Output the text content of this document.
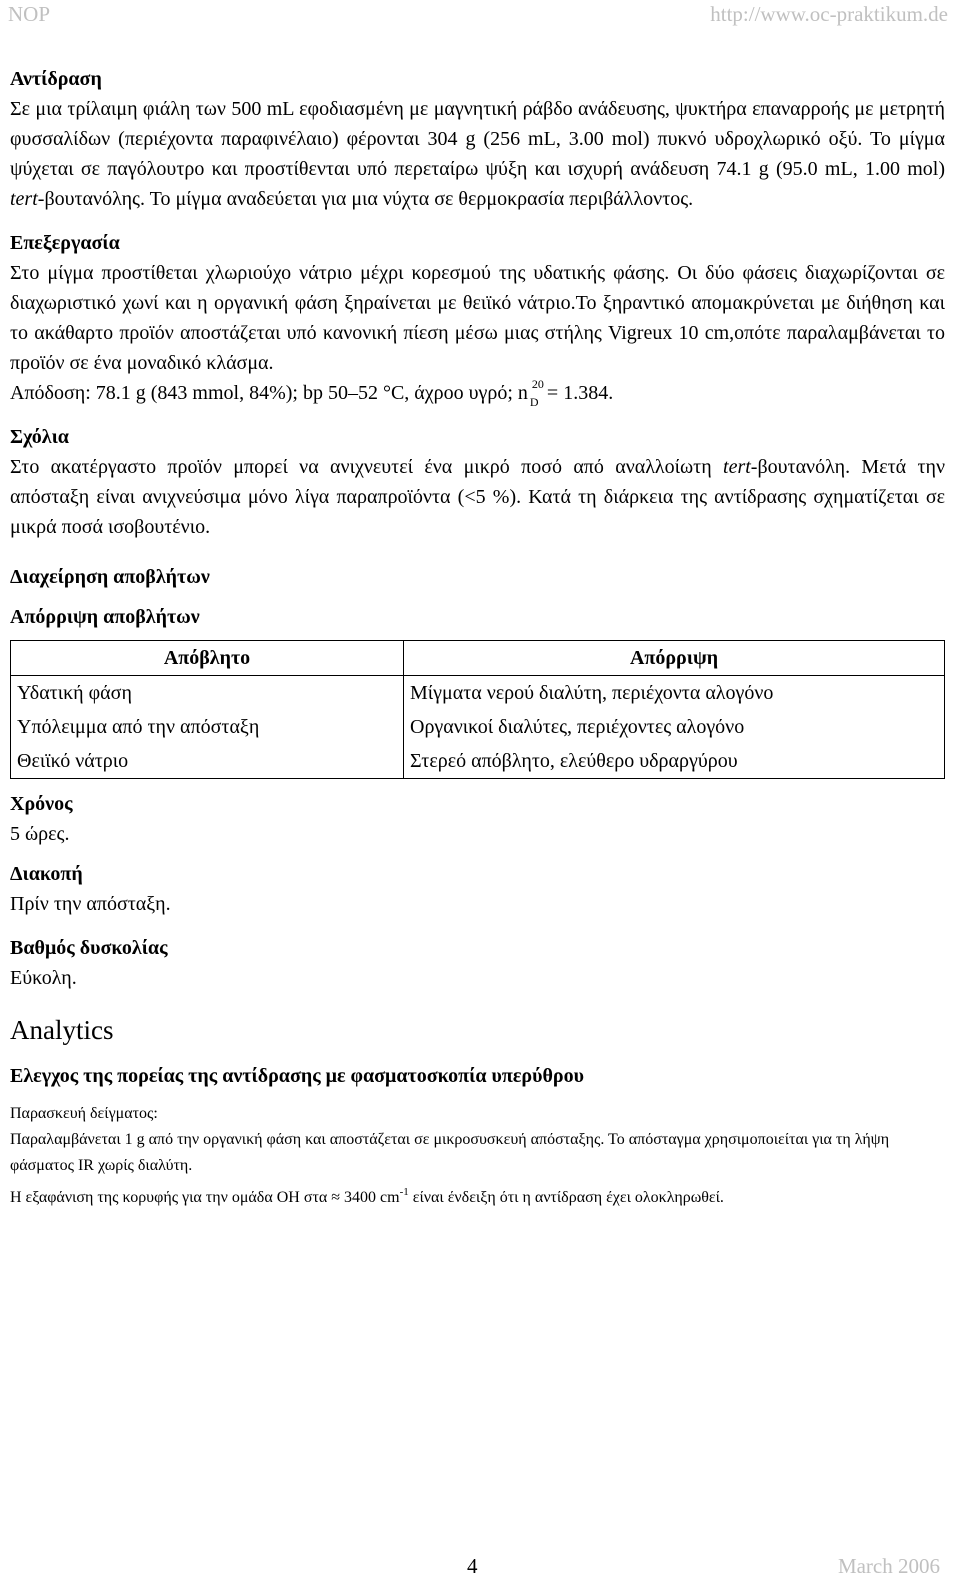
NOP	http://www.oc-praktikum.de

Αντίδραση

Σε μια τρίλαιμη φιάλη των 500 mL εφοδιασμένη με μαγνητική ράβδο ανάδευσης, ψυκτήρα επαναρροής με μετρητή φυσσαλίδων (περιέχοντα παραφινέλαιο) φέρονται 304 g (256 mL, 3.00 mol) πυκνό υδροχλωρικό οξύ. Το μίγμα ψύχεται σε παγόλουτρο και προστίθενται υπό περεταίρω ψύξη και ισχυρή ανάδευση 74.1 g (95.0 mL, 1.00 mol) tert-βουτανόλης. Το μίγμα αναδεύεται για μια νύχτα σε θερμοκρασία περιβάλλοντος.

Επεξεργασία

Στο μίγμα προστίθεται χλωριούχο νάτριο μέχρι κορεσμού της υδατικής φάσης. Οι δύο φάσεις διαχωρίζονται σε διαχωριστικό χωνί και η οργανική φάση ξηραίνεται με θειϊκό νάτριο.Το ξηραντικό απομακρύνεται με διήθηση και το ακάθαρτο προϊόν αποστάζεται υπό κανονική πίεση μέσω μιας στήλης Vigreux 10 cm,οπότε παραλαμβάνεται το προϊόν σε ένα μοναδικό κλάσμα.

Απόδοση: 78.1 g (843 mmol, 84%); bp 50–52 °C, άχροο υγρό; n 20
D = 1.384.

Σχόλια

Στο ακατέργαστο προϊόν μπορεί να ανιχνευτεί ένα μικρό ποσό από αναλλοίωτη tert-βουτανόλη. Μετά την απόσταξη είναι ανιχνεύσιμα μόνο λίγα παραπροϊόντα (<5 %). Κατά τη διάρκεια της αντίδρασης σχηματίζεται σε μικρά ποσά ισοβουτένιο.

Διαχείρηση αποβλήτων

Απόρριψη αποβλήτων

Απόβλητο	Απόρριψη
Υδατική φάση	Μίγματα νερού διαλύτη, περιέχοντα αλογόνο
Υπόλειμμα από την απόσταξη	Οργανικοί διαλύτες, περιέχοντες αλογόνο
Θειϊκό νάτριο	Στερεό απόβλητο, ελεύθερο υδραργύρου

Χρόνος

5 ώρες.

Διακοπή

Πρίν την απόσταξη.

Βαθμός δυσκολίας

Εύκολη.

Analytics

Ελεγχος της πορείας της αντίδρασης με φασματοσκοπία υπερύθρου

Παρασκευή δείγματος:

Παραλαμβάνεται 1 g από την οργανική φάση και αποστάζεται σε μικροσυσκευή απόσταξης. Το απόσταγμα χρησιμοποιείται για τη λήψη φάσματος IR χωρίς διαλύτη.

Η εξαφάνιση της κορυφής για την ομάδα OH στα ≈ 3400 $cm^{-1}$ είναι ένδειξη ότι η αντίδραση έχει ολοκληρωθεί.

4	March 2006
